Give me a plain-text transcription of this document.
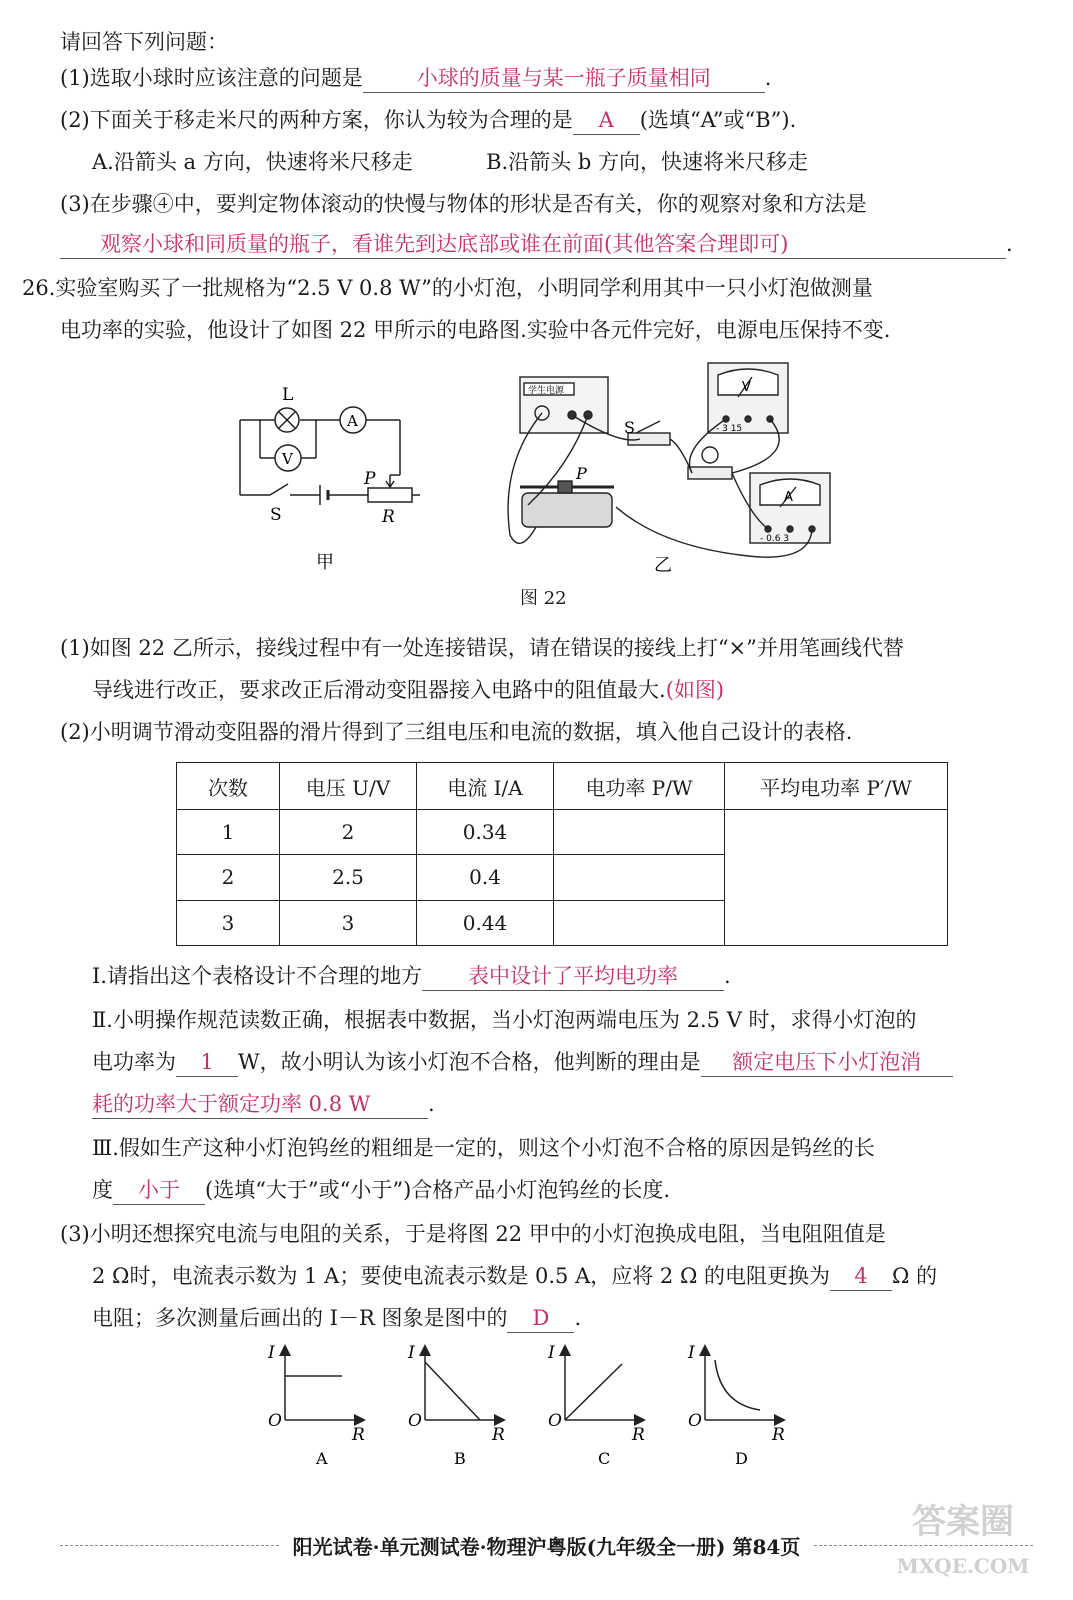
请回答下列问题：
(1)选取小球时应该注意的问题是	小球的质量与某一瓶子质量相同	.
(2)下面关于移走米尺的两种方案，你认为较为合理的是 A (选填“A”或“B”).
A.沿箭头 a 方向，快速将米尺移走	B.沿箭头 b 方向，快速将米尺移走
(3)在步骤④中，要判定物体滚动的快慢与物体的形状是否有关，你的观察对象和方法是
观察小球和同质量的瓶子，看谁先到达底部或谁在前面(其他答案合理即可)	.
26.实验室购买了一批规格为“2.5 V 0.8 W”的小灯泡，小明同学利用其中一只小灯泡做测量
电功率的实验，他设计了如图 22 甲所示的电路图.实验中各元件完好，电源电压保持不变.
L
A
V
P
S	R
甲
学生电源	V
- 3 15
A
- 0.6 3
S
P
乙
图 22
(1)如图 22 乙所示，接线过程中有一处连接错误，请在错误的接线上打“×”并用笔画线代替
导线进行改正，要求改正后滑动变阻器接入电路中的阻值最大.(如图)
(2)小明调节滑动变阻器的滑片得到了三组电压和电流的数据，填入他自己设计的表格.
次数	电压 U/V	电流 I/A	电功率 P/W	平均电功率 P′/W
1	2	0.34		
2	2.5	0.4		
3	3	0.44		
Ⅰ.请指出这个表格设计不合理的地方 表中设计了平均电功率 .
Ⅱ.小明操作规范读数正确，根据表中数据，当小灯泡两端电压为 2.5 V 时，求得小灯泡的
电功率为 1 W，故小明认为该小灯泡不合格，他判断的理由是 额定电压下小灯泡消
耗的功率大于额定功率 0.8 W	.
Ⅲ.假如生产这种小灯泡钨丝的粗细是一定的，则这个小灯泡不合格的原因是钨丝的长
度 小于 (选填“大于”或“小于”)合格产品小灯泡钨丝的长度.
(3)小明还想探究电流与电阻的关系，于是将图 22 甲中的小灯泡换成电阻，当电阻阻值是
2 Ω时，电流表示数为 1 A；要使电流表示数是 0.5 A，应将 2 Ω 的电阻更换为 4 Ω 的
电阻；多次测量后画出的 I－R 图象是图中的 D .
I
O
R
A
I
O
R
B
I
O
R
C
I
O
R
D
阳光试卷·单元测试卷·物理沪粤版(九年级全一册) 第84页
答案圈
MXQE.COM
